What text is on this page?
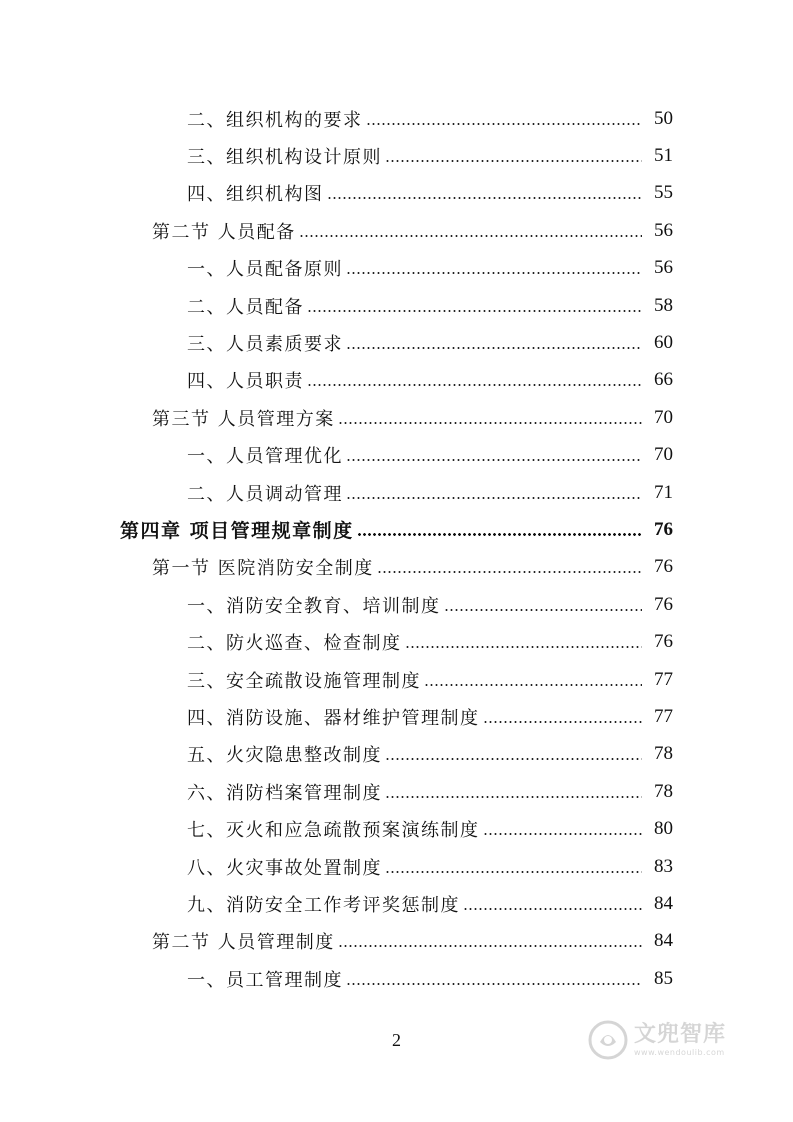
二、组织机构的要求	50
三、组织机构设计原则	51
四、组织机构图	55
第二节 人员配备	56
一、人员配备原则	56
二、人员配备	58
三、人员素质要求	60
四、人员职责	66
第三节 人员管理方案	70
一、人员管理优化	70
二、人员调动管理	71
第四章 项目管理规章制度	76
第一节 医院消防安全制度	76
一、消防安全教育、培训制度	76
二、防火巡查、检查制度	76
三、安全疏散设施管理制度	77
四、消防设施、器材维护管理制度	77
五、火灾隐患整改制度	78
六、消防档案管理制度	78
七、灭火和应急疏散预案演练制度	80
八、火灾事故处置制度	83
九、消防安全工作考评奖惩制度	84
第二节 人员管理制度	84
一、员工管理制度	85
2	文兜智库
www.wendoulib.com
